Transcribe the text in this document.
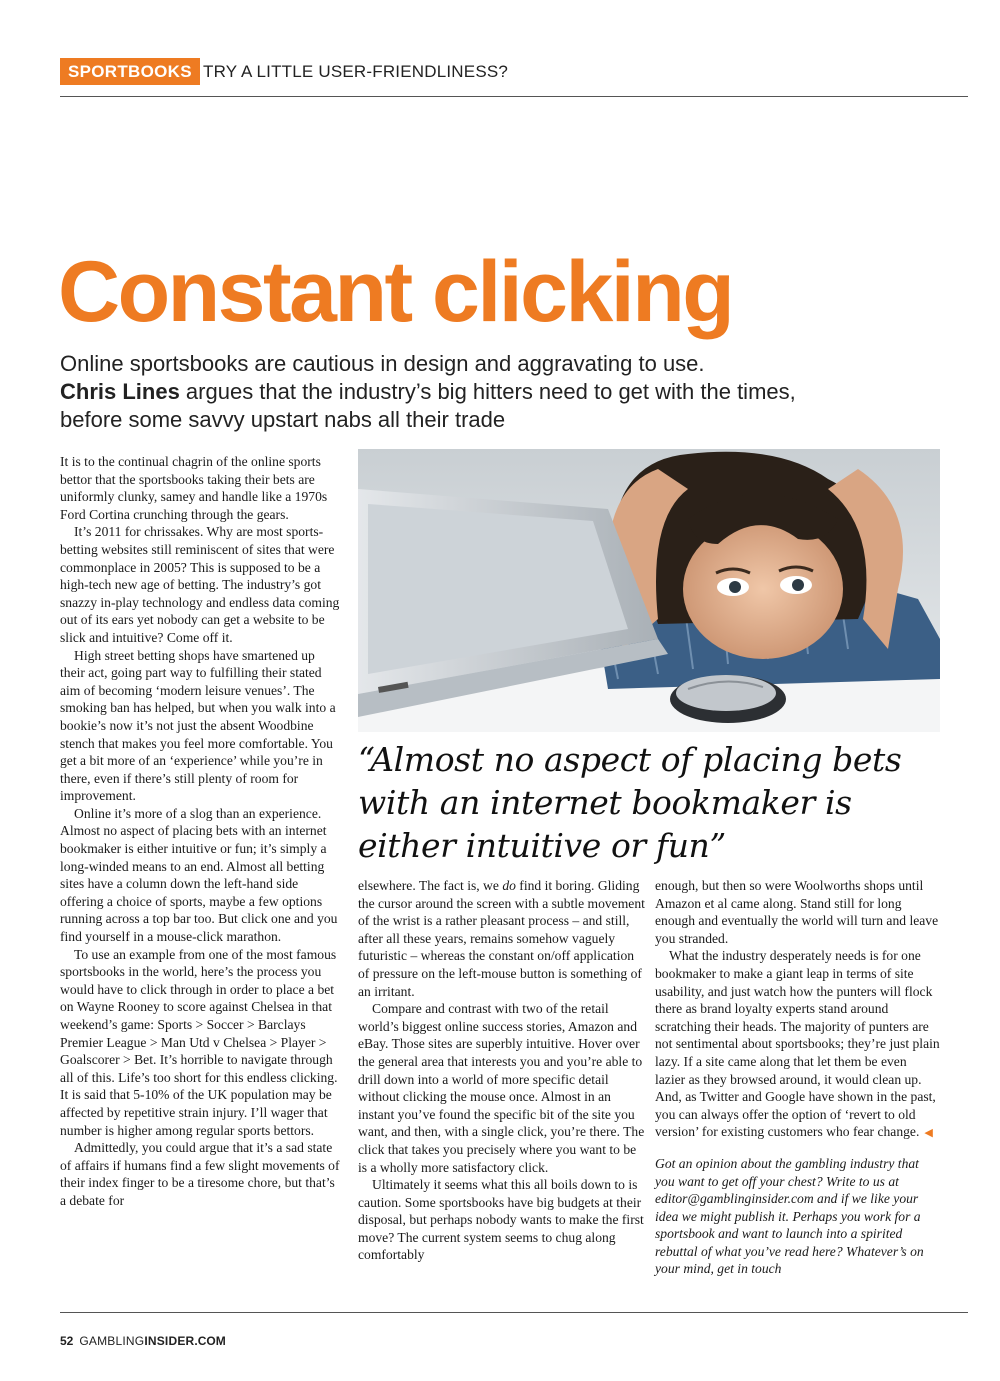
SPORTBOOKS TRY A LITTLE USER-FRIENDLINESS?
Constant clicking
Online sportsbooks are cautious in design and aggravating to use.
Chris Lines argues that the industry’s big hitters need to get with the times, before some savvy upstart nabs all their trade

It is to the continual chagrin of the online sports bettor that the sportsbooks taking their bets are uniformly clunky, samey and handle like a 1970s Ford Cortina crunching through the gears.

It’s 2011 for chrissakes. Why are most sports-betting websites still reminiscent of sites that were commonplace in 2005? This is supposed to be a high-tech new age of betting. The industry’s got snazzy in-play technology and endless data coming out of its ears yet nobody can get a website to be slick and intuitive? Come off it.

High street betting shops have smartened up their act, going part way to fulfilling their stated aim of becoming ‘modern leisure venues’. The smoking ban has helped, but when you walk into a bookie’s now it’s not just the absent Woodbine stench that makes you feel more comfortable. You get a bit more of an ‘experience’ while you’re in there, even if there’s still plenty of room for improvement.

Online it’s more of a slog than an experience. Almost no aspect of placing bets with an internet bookmaker is either intuitive or fun; it’s simply a long-winded means to an end. Almost all betting sites have a column down the left-hand side offering a choice of sports, maybe a few options running across a top bar too. But click one and you find yourself in a mouse-click marathon.

To use an example from one of the most famous sportsbooks in the world, here’s the process you would have to click through in order to place a bet on Wayne Rooney to score against Chelsea in that weekend’s game: Sports > Soccer > Barclays Premier League > Man Utd v Chelsea > Player > Goalscorer > Bet. It’s horrible to navigate through all of this. Life’s too short for this endless clicking. It is said that 5-10% of the UK population may be affected by repetitive strain injury. I’ll wager that number is higher among regular sports bettors.

Admittedly, you could argue that it’s a sad state of affairs if humans find a few slight movements of their index finger to be a tiresome chore, but that’s a debate for

“Almost no aspect of placing bets with an internet bookmaker is either intuitive or fun”

elsewhere. The fact is, we do find it boring. Gliding the cursor around the screen with a subtle movement of the wrist is a rather pleasant process – and still, after all these years, remains somehow vaguely futuristic – whereas the constant on/off application of pressure on the left-mouse button is something of an irritant.

Compare and contrast with two of the retail world’s biggest online success stories, Amazon and eBay. Those sites are superbly intuitive. Hover over the general area that interests you and you’re able to drill down into a world of more specific detail without clicking the mouse once. Almost in an instant you’ve found the specific bit of the site you want, and then, with a single click, you’re there. The click that takes you precisely where you want to be is a wholly more satisfactory click.

Ultimately it seems what this all boils down to is caution. Some sportsbooks have big budgets at their disposal, but perhaps nobody wants to make the first move? The current system seems to chug along comfortably

enough, but then so were Woolworths shops until Amazon et al came along. Stand still for long enough and eventually the world will turn and leave you stranded.

What the industry desperately needs is for one bookmaker to make a giant leap in terms of site usability, and just watch how the punters will flock there as brand loyalty experts stand around scratching their heads. The majority of punters are not sentimental about sportsbooks; they’re just plain lazy. If a site came along that let them be even lazier as they browsed around, it would clean up. And, as Twitter and Google have shown in the past, you can always offer the option of ‘revert to old version’ for existing customers who fear change. ◀

Got an opinion about the gambling industry that you want to get off your chest? Write to us at editor@gamblinginsider.com and if we like your idea we might publish it. Perhaps you work for a sportsbook and want to launch into a spirited rebuttal of what you’ve read here? Whatever’s on your mind, get in touch

52 GAMBLINGINSIDER.COM
